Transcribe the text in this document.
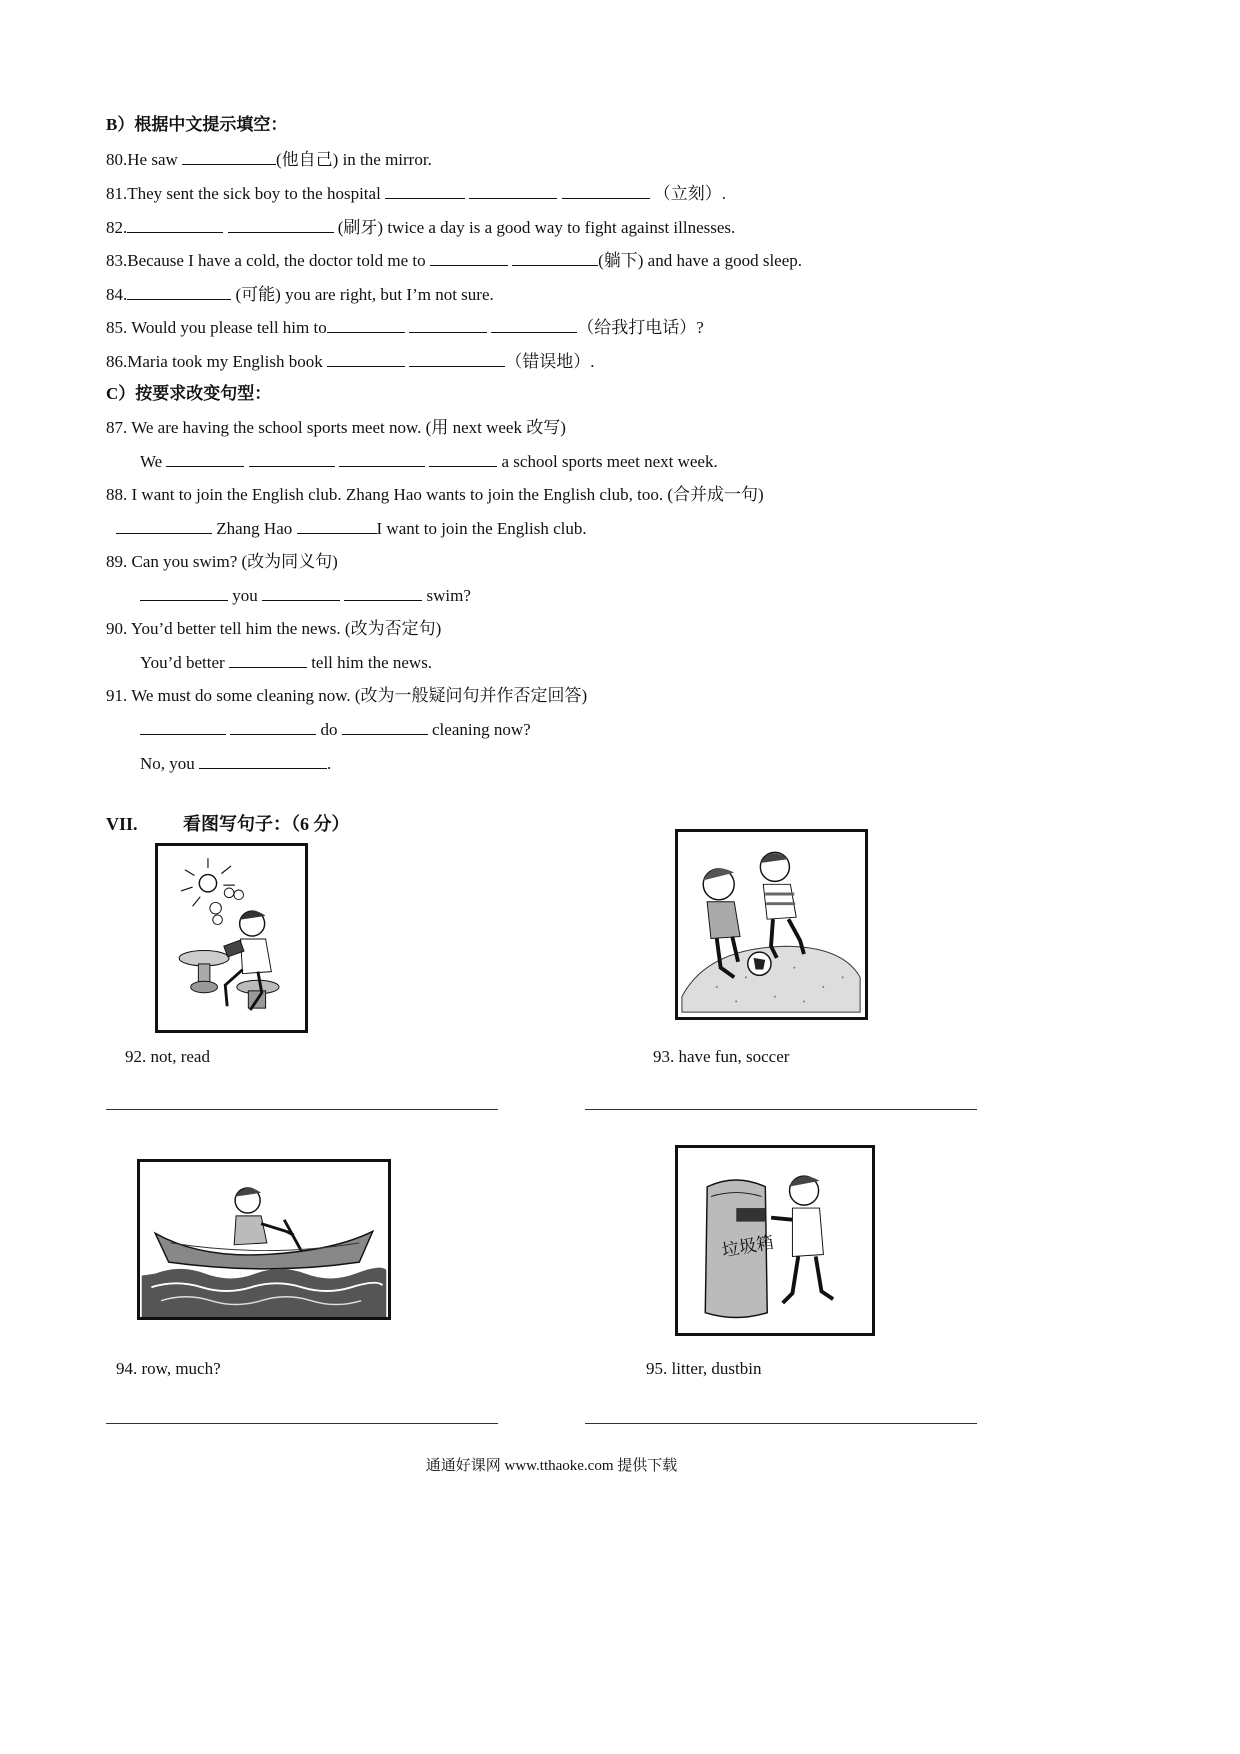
B）根据中文提示填空：
80.He saw	(他自己) in the mirror.
81.They sent the sick boy to the hospital	（立刻）.
82.	(刷牙) twice a day is a good way to fight against illnesses.
83.Because I have a cold, the doctor told me to	(躺下) and have a good sleep.
84.	(可能) you are right, but I’m not sure.
85. Would you please tell him to	（给我打电话）?
86.Maria took my English book	（错误地）.
C）按要求改变句型：
87. We are having the school sports meet now. (用 next week 改写)
We	a school sports meet next week.
88. I want to join the English club. Zhang Hao wants to join the English club, too. (合并成一句)
Zhang Hao	I want to join the English club.
89. Can you swim? (改为同义句)
you	swim?
90. You’d better tell him the news. (改为否定句)
You’d better	tell him the news.
91. We must do some cleaning now. (改为一般疑问句并作否定回答)
do	cleaning now?
No, you	.
VII.	看图写句子：（6 分）
92. not, read	93. have fun, soccer
94. row, much?
垃圾箱
95. litter, dustbin
通通好课网 www.tthaoke.com 提供下载
